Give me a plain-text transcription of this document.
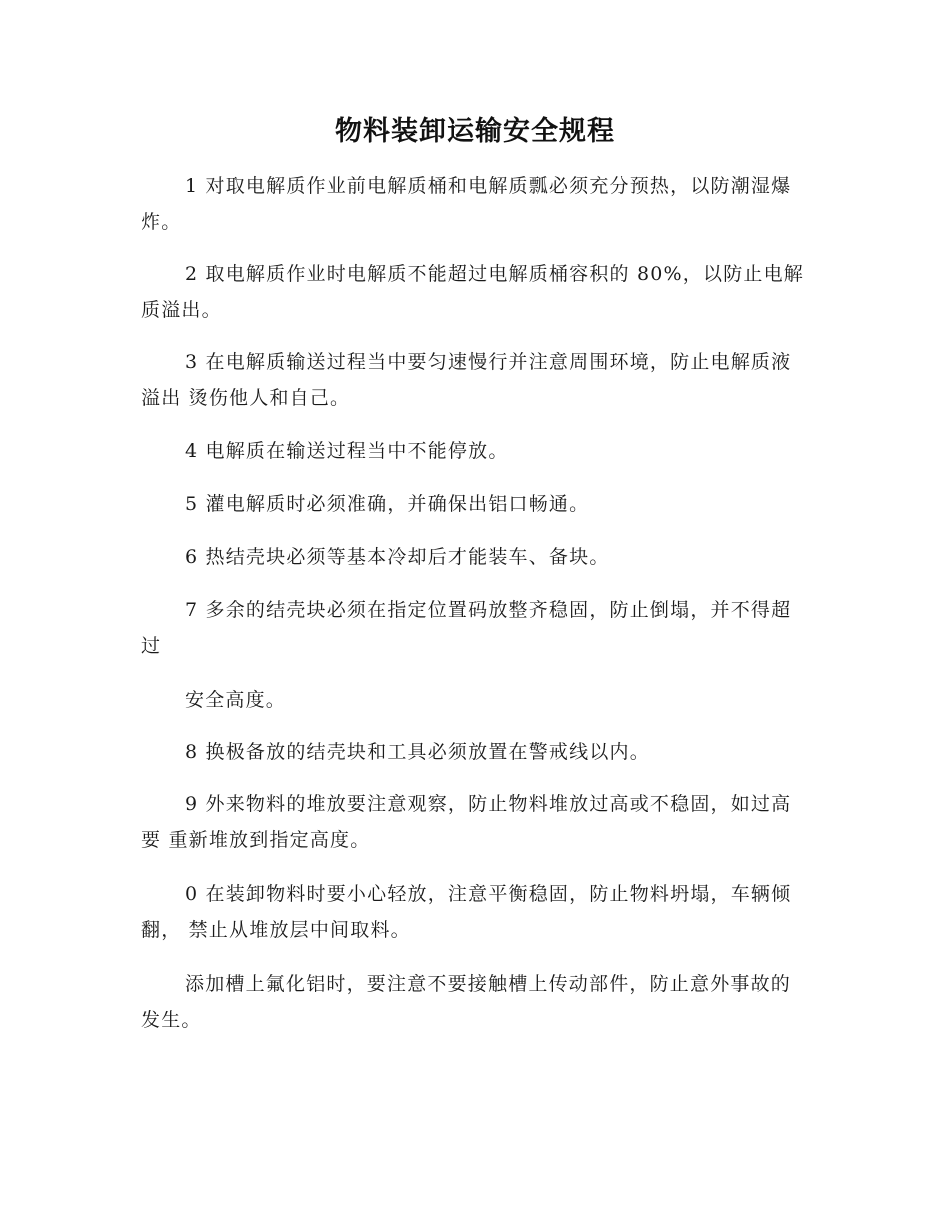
物料装卸运输安全规程

1 对取电解质作业前电解质桶和电解质瓢必须充分预热，以防潮湿爆炸。

2 取电解质作业时电解质不能超过电解质桶容积的 80%，以防止电解质溢出。

3 在电解质输送过程当中要匀速慢行并注意周围环境，防止电解质液溢出 烫伤他人和自己。

4 电解质在输送过程当中不能停放。

5 灌电解质时必须准确，并确保出铝口畅通。

6 热结壳块必须等基本冷却后才能装车、备块。

7 多余的结壳块必须在指定位置码放整齐稳固，防止倒塌，并不得超过

安全高度。

8 换极备放的结壳块和工具必须放置在警戒线以内。

9 外来物料的堆放要注意观察，防止物料堆放过高或不稳固，如过高要 重新堆放到指定高度。

0 在装卸物料时要小心轻放，注意平衡稳固，防止物料坍塌，车辆倾翻， 禁止从堆放层中间取料。

添加槽上氟化铝时，要注意不要接触槽上传动部件，防止意外事故的发生。
